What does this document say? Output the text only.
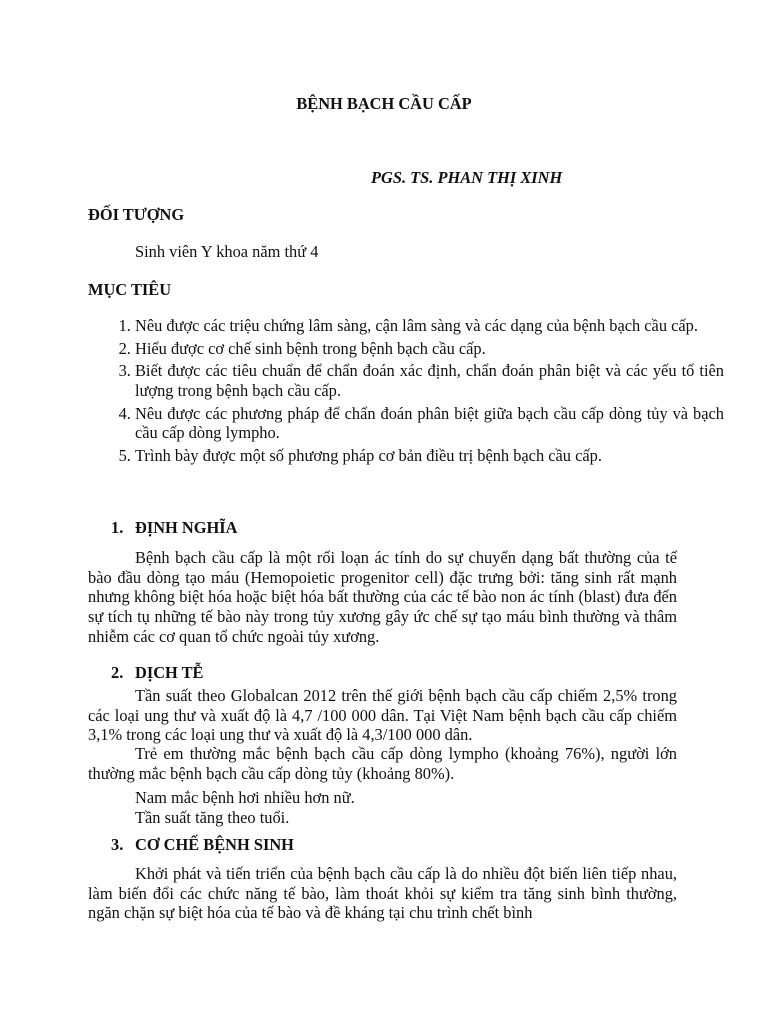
BỆNH BẠCH CẦU CẤP
PGS. TS. PHAN THỊ XINH
ĐỐI TƯỢNG
Sinh viên Y khoa năm thứ 4
MỤC TIÊU
1. Nêu được các triệu chứng lâm sàng, cận lâm sàng và các dạng của bệnh bạch cầu cấp.
2. Hiểu được cơ chế sinh bệnh trong bệnh bạch cầu cấp.
3. Biết được các tiêu chuẩn để chẩn đoán xác định, chẩn đoán phân biệt và các yếu tố tiên lượng trong bệnh bạch cầu cấp.
4. Nêu được các phương pháp để chẩn đoán phân biệt giữa bạch cầu cấp dòng tủy và bạch cầu cấp dòng lympho.
5. Trình bày được một số phương pháp cơ bản điều trị bệnh bạch cầu cấp.
1. ĐỊNH NGHĨA
Bệnh bạch cầu cấp là một rối loạn ác tính do sự chuyển dạng bất thường của tế bào đầu dòng tạo máu (Hemopoietic progenitor cell) đặc trưng bởi: tăng sinh rất mạnh nhưng không biệt hóa hoặc biệt hóa bất thường của các tế bào non ác tính (blast) đưa đến sự tích tụ những tế bào này trong tủy xương gây ức chế sự tạo máu bình thường và thâm nhiễm các cơ quan tổ chức ngoài tủy xương.
2. DỊCH TỄ
Tần suất theo Globalcan 2012 trên thế giới bệnh bạch cầu cấp chiếm 2,5% trong các loại ung thư và xuất độ là 4,7 /100 000 dân. Tại Việt Nam bệnh bạch cầu cấp chiếm 3,1% trong các loại ung thư và xuất độ là 4,3/100 000 dân.
Trẻ em thường mắc bệnh bạch cầu cấp dòng lympho (khoảng 76%), người lớn thường mắc bệnh bạch cầu cấp dòng tủy (khoảng 80%).
Nam mắc bệnh hơi nhiều hơn nữ.
Tần suất tăng theo tuổi.
3. CƠ CHẾ BỆNH SINH
Khởi phát và tiến triển của bệnh bạch cầu cấp là do nhiều đột biến liên tiếp nhau, làm biến đổi các chức năng tế bào, làm thoát khỏi sự kiểm tra tăng sinh bình thường, ngăn chặn sự biệt hóa của tế bào và đề kháng tại chu trình chết bình
